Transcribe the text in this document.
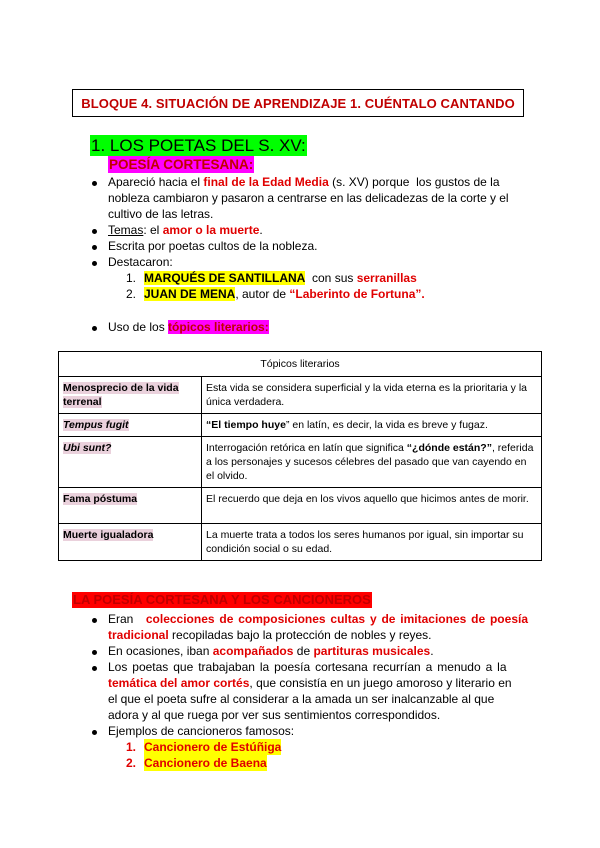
BLOQUE 4. SITUACIÓN DE APRENDIZAJE 1. CUÉNTALO CANTANDO
1. LOS POETAS DEL S. XV:
POESÍA CORTESANA:
Apareció hacia el final de la Edad Media (s. XV) porque  los gustos de la
nobleza cambiaron y pasaron a centrarse en las delicadezas de la corte y el
cultivo de las letras.
Temas: el amor o la muerte.
Escrita por poetas cultos de la nobleza.
Destacaron:
1. MARQUÉS DE SANTILLANA  con sus serranillas
2. JUAN DE MENA, autor de “Laberinto de Fortuna”.
Uso de los tópicos literarios:
Tópicos literarios	
Menosprecio de la vida terrenal	Esta vida se considera superficial y la vida eterna es la prioritaria y la única verdadera.
Tempus fugit	“El tiempo huye” en latín, es decir, la vida es breve y fugaz.
Ubi sunt?	Interrogación retórica en latín que significa “¿dónde están?”, referida a los personajes y sucesos célebres del pasado que van cayendo en el olvido.
Fama póstuma	El recuerdo que deja en los vivos aquello que hicimos antes de morir.
Muerte igualadora	La muerte trata a todos los seres humanos por igual, sin importar su condición social o su edad.
LA POESÍA CORTESANA Y LOS CANCIONEROS
Eran colecciones de composiciones cultas y de imitaciones de poesía
tradicional recopiladas bajo la protección de nobles y reyes.
En ocasiones, iban acompañados de partituras musicales.
Los poetas que trabajaban la poesía cortesana recurrían a menudo a la
temática del amor cortés, que consistía en un juego amoroso y literario en
el que el poeta sufre al considerar a la amada un ser inalcanzable al que
adora y al que ruega por ver sus sentimientos correspondidos.
Ejemplos de cancioneros famosos:
1. Cancionero de Estúñiga
2. Cancionero de Baena
